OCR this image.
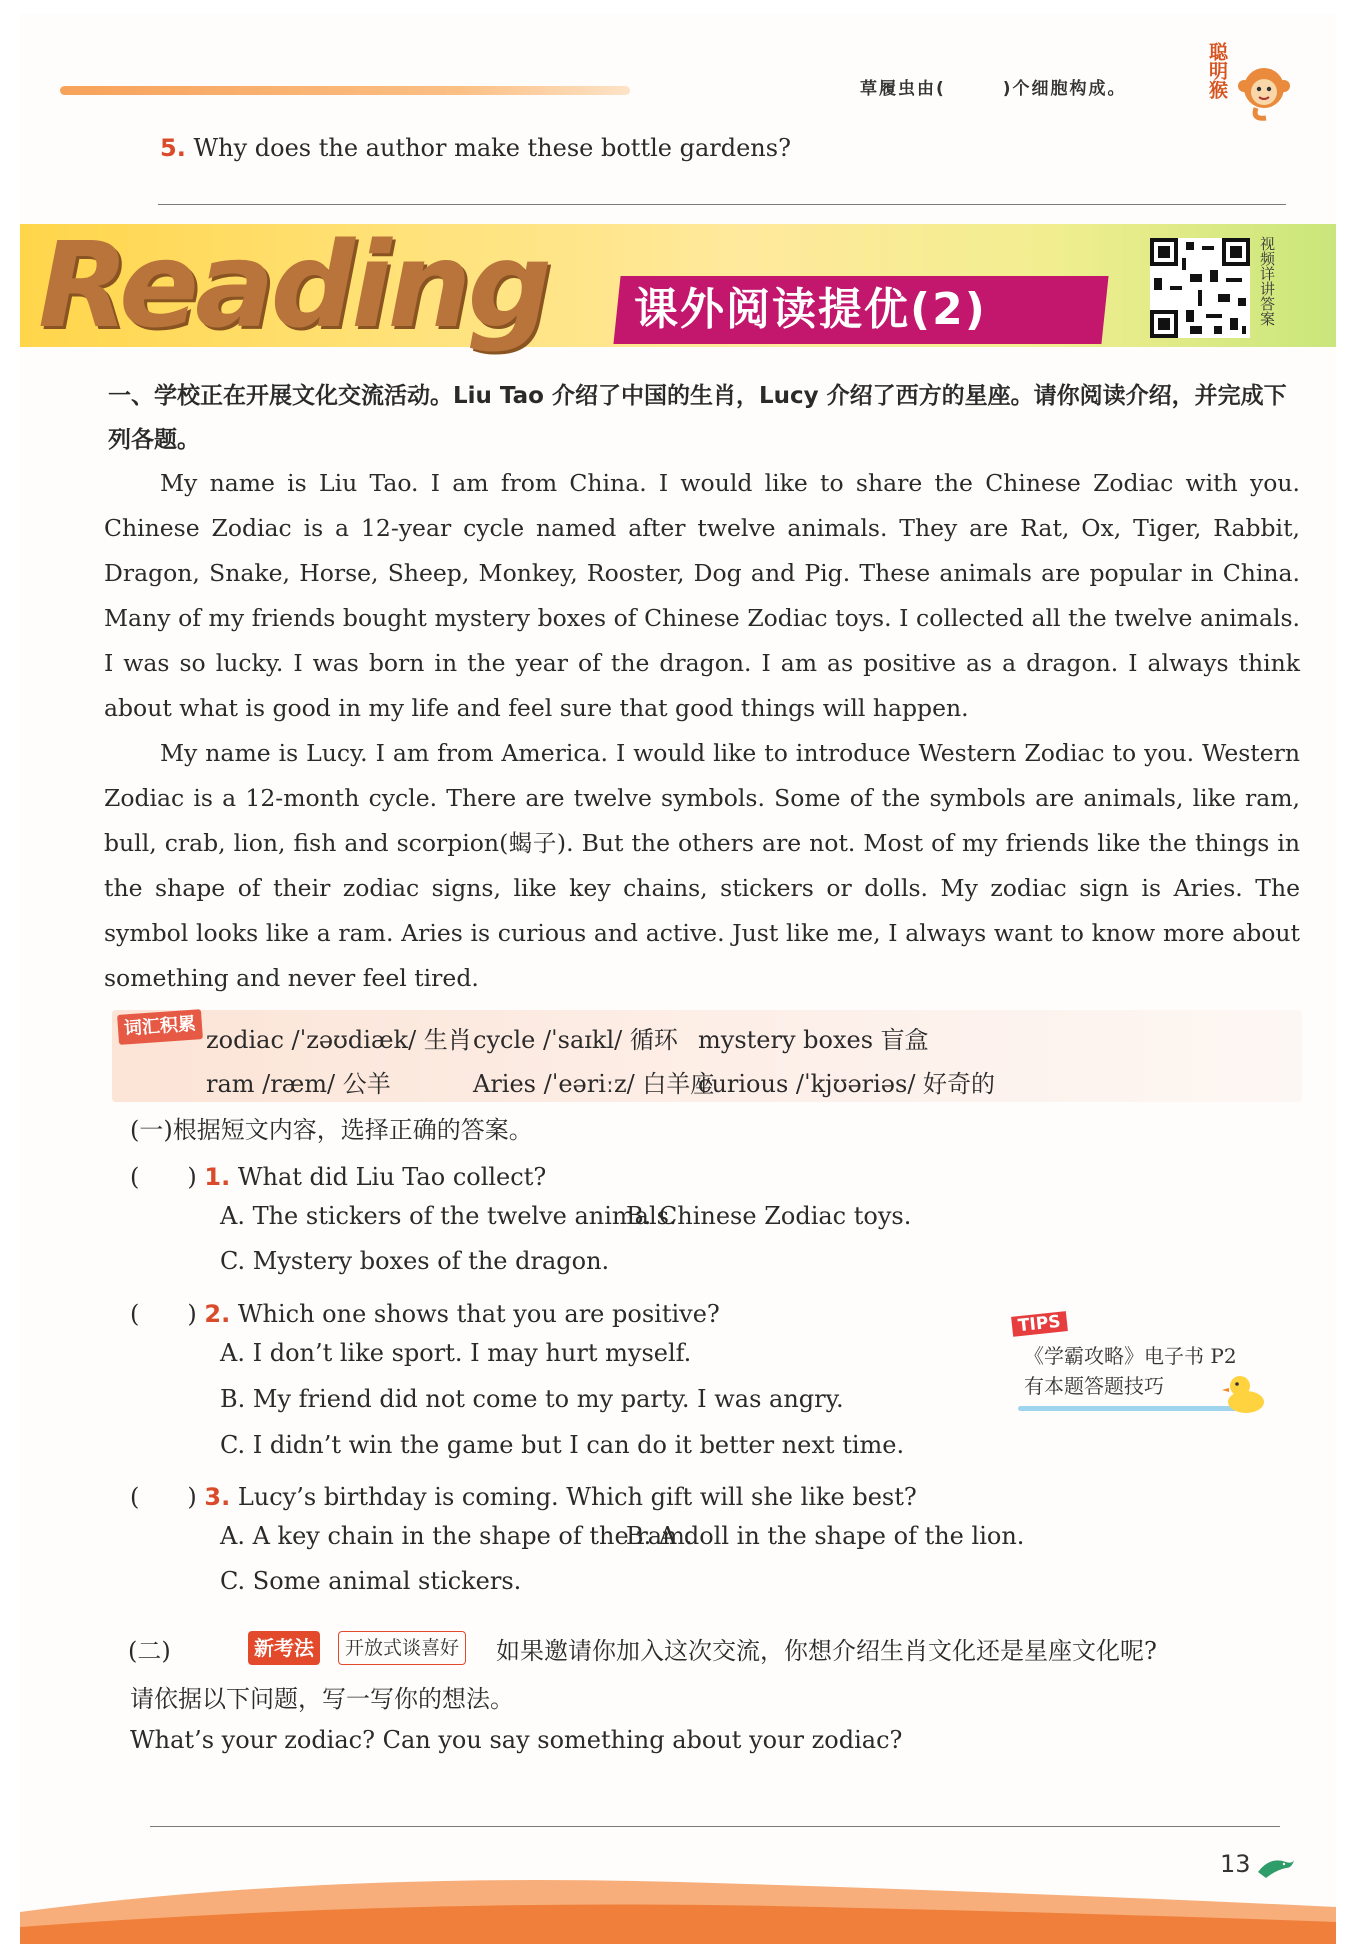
草履虫由(　　　)个细胞构成。	聪明猴
5. Why does the author make these bottle gardens?
Reading 课外阅读提优(2)	视频详讲答案
一、学校正在开展文化交流活动。Liu Tao 介绍了中国的生肖，Lucy 介绍了西方的星座。请你阅读介绍，并完成下列各题。
My name is Liu Tao. I am from China. I would like to share the Chinese Zodiac with you. Chinese Zodiac is a 12-year cycle named after twelve animals. They are Rat, Ox, Tiger, Rabbit, Dragon, Snake, Horse, Sheep, Monkey, Rooster, Dog and Pig. These animals are popular in China. Many of my friends bought mystery boxes of Chinese Zodiac toys. I collected all the twelve animals. I was so lucky. I was born in the year of the dragon. I am as positive as a dragon. I always think about what is good in my life and feel sure that good things will happen.
My name is Lucy. I am from America. I would like to introduce Western Zodiac to you. Western Zodiac is a 12-month cycle. There are twelve symbols. Some of the symbols are animals, like ram, bull, crab, lion, fish and scorpion(蝎子). But the others are not. Most of my friends like the things in the shape of their zodiac signs, like key chains, stickers or dolls. My zodiac sign is Aries. The symbol looks like a ram. Aries is curious and active. Just like me, I always want to know more about something and never feel tired.
词汇积累 zodiac /ˈzəʊdiæk/ 生肖 cycle /ˈsaɪkl/ 循环 mystery boxes 盲盒
ram /ræm/ 公羊	Aries /ˈeəriːz/ 白羊座
curious /ˈkjʊəriəs/ 好奇的
(一)根据短文内容，选择正确的答案。
(　　) 1. What did Liu Tao collect?
A. The stickers of the twelve animals.
B. Chinese Zodiac toys.
C. Mystery boxes of the dragon.
(　　) 2. Which one shows that you are positive?
A. I don’t like sport. I may hurt myself.
B. My friend did not come to my party. I was angry.
C. I didn’t win the game but I can do it better next time.
TIPS
《学霸攻略》电子书 P2
有本题答题技巧
(　　) 3. Lucy’s birthday is coming. Which gift will she like best?
A. A key chain in the shape of the ram.
B. A doll in the shape of the lion.
C. Some animal stickers.
(二)	新考法	开放式谈喜好 如果邀请你加入这次交流，你想介绍生肖文化还是星座文化呢?
请依据以下问题，写一写你的想法。
What’s your zodiac? Can you say something about your zodiac?
13
